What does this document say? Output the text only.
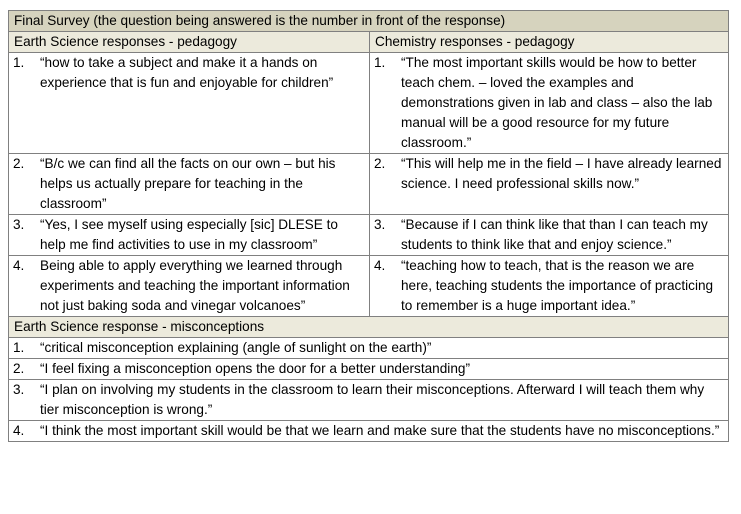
Final Survey (the question being answered is the number in front of the response)	
Earth Science responses - pedagogy	Chemistry responses - pedagogy

1. “how to take a subject and make it a hands on experience that is fun and enjoyable for children”	1. “The most important skills would be how to better teach chem. – loved the examples and demonstrations given in lab and class – also the lab manual will be a good resource for my future classroom.”

2. “B/c we can find all the facts on our own – but his helps us actually prepare for teaching in the classroom”	2. “This will help me in the field – I have already learned science. I need professional skills now.”

3. “Yes, I see myself using especially [sic] DLESE to help me find activities to use in my classroom”	3. “Because if I can think like that than I can teach my students to think like that and enjoy science.”

4. Being able to apply everything we learned through experiments and teaching the important information not just baking soda and vinegar volcanoes”	4. “teaching how to teach, that is the reason we are here, teaching students the importance of practicing to remember is a huge important idea.”

Earth Science response - misconceptions	

1. “critical misconception explaining (angle of sunlight on the earth)”	

2. “I feel fixing a misconception opens the door for a better understanding”	

3. “I plan on involving my students in the classroom to learn their misconceptions. Afterward I will teach them why tier misconception is wrong.”	

4. “I think the most important skill would be that we learn and make sure that the students have no misconceptions.”	
